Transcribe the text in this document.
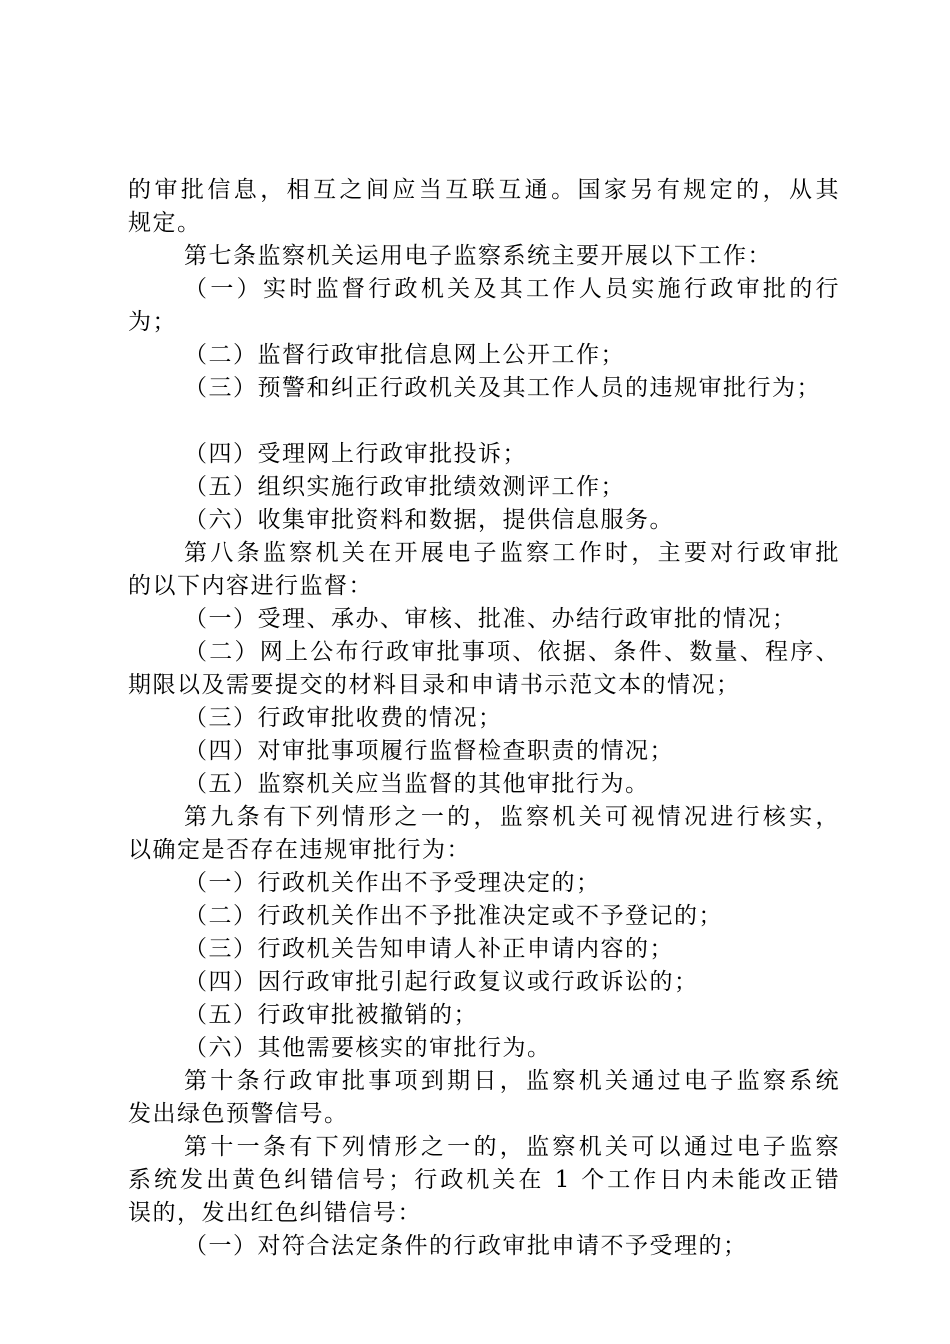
的审批信息，相互之间应当互联互通。国家另有规定的，从其
规定。
第七条监察机关运用电子监察系统主要开展以下工作：
（一）实时监督行政机关及其工作人员实施行政审批的行
为；
（二）监督行政审批信息网上公开工作；
（三）预警和纠正行政机关及其工作人员的违规审批行为；
（四）受理网上行政审批投诉；
（五）组织实施行政审批绩效测评工作；
（六）收集审批资料和数据，提供信息服务。
第八条监察机关在开展电子监察工作时，主要对行政审批
的以下内容进行监督：
（一）受理、承办、审核、批准、办结行政审批的情况；
（二）网上公布行政审批事项、依据、条件、数量、程序、
期限以及需要提交的材料目录和申请书示范文本的情况；
（三）行政审批收费的情况；
（四）对审批事项履行监督检查职责的情况；
（五）监察机关应当监督的其他审批行为。
第九条有下列情形之一的，监察机关可视情况进行核实，
以确定是否存在违规审批行为：
（一）行政机关作出不予受理决定的；
（二）行政机关作出不予批准决定或不予登记的；
（三）行政机关告知申请人补正申请内容的；
（四）因行政审批引起行政复议或行政诉讼的；
（五）行政审批被撤销的；
（六）其他需要核实的审批行为。
第十条行政审批事项到期日，监察机关通过电子监察系统
发出绿色预警信号。
第十一条有下列情形之一的，监察机关可以通过电子监察
系统发出黄色纠错信号；行政机关在 1 个工作日内未能改正错
误的，发出红色纠错信号：
（一）对符合法定条件的行政审批申请不予受理的；
